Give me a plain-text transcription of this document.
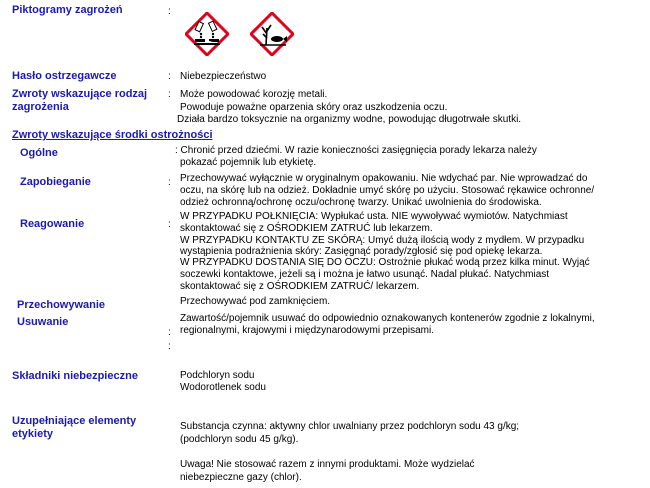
Piktogramy zagrożeń	:
Hasło ostrzegawcze	: Niebezpieczeństwo
Zwroty wskazujące rodzaj
zagrożenia
: Może powodować korozję metali.
Powoduje poważne oparzenia skóry oraz uszkodzenia oczu.
Działa bardzo toksycznie na organizmy wodne, powodując długotrwałe skutki.
Zwroty wskazujące środki ostrożności
Ogólne	: Chronić przed dziećmi. W razie konieczności zasięgnięcia porady lekarza należy
pokazać pojemnik lub etykietę.
Zapobieganie	: Przechowywać wyłącznie w oryginalnym opakowaniu. Nie wdychać par. Nie wprowadzać do
oczu, na skórę lub na odzież. Dokładnie umyć skórę po użyciu. Stosować rękawice ochronne/
odzież ochronną/ochronę oczu/ochronę twarzy. Unikać uwolnienia do środowiska.
Reagowanie	:
W PRZYPADKU POŁKNIĘCIA: Wypłukać usta. NIE wywoływać wymiotów. Natychmiast
skontaktować się z OŚRODKIEM ZATRUĆ lub lekarzem.
W PRZYPADKU KONTAKTU ZE SKÓRĄ: Umyć dużą ilością wody z mydłem. W przypadku
wystąpienia podrażnienia skóry: Zasięgnąć porady/zgłosić się pod opiekę lekarza.
W PRZYPADKU DOSTANIA SIĘ DO OCZU: Ostrożnie płukać wodą przez kilka minut. Wyjąć
soczewki kontaktowe, jeżeli są i można je łatwo usunąć. Nadal płukać. Natychmiast
skontaktować się z OŚRODKIEM ZATRUĆ/ lekarzem.
Przechowywanie	Przechowywać pod zamknięciem.
Usuwanie
:
Zawartość/pojemnik usuwać do odpowiednio oznakowanych kontenerów zgodnie z lokalnymi,
regionalnymi, krajowymi i międzynarodowymi przepisami.
:
Składniki niebezpieczne	Podchloryn sodu
Wodorotlenek sodu
Uzupełniające elementy
etykiety
Substancja czynna: aktywny chlor uwalniany przez podchloryn sodu 43 g/kg;
(podchloryn sodu 45 g/kg).
Uwaga! Nie stosować razem z innymi produktami. Może wydzielać
niebezpieczne gazy (chlor).
